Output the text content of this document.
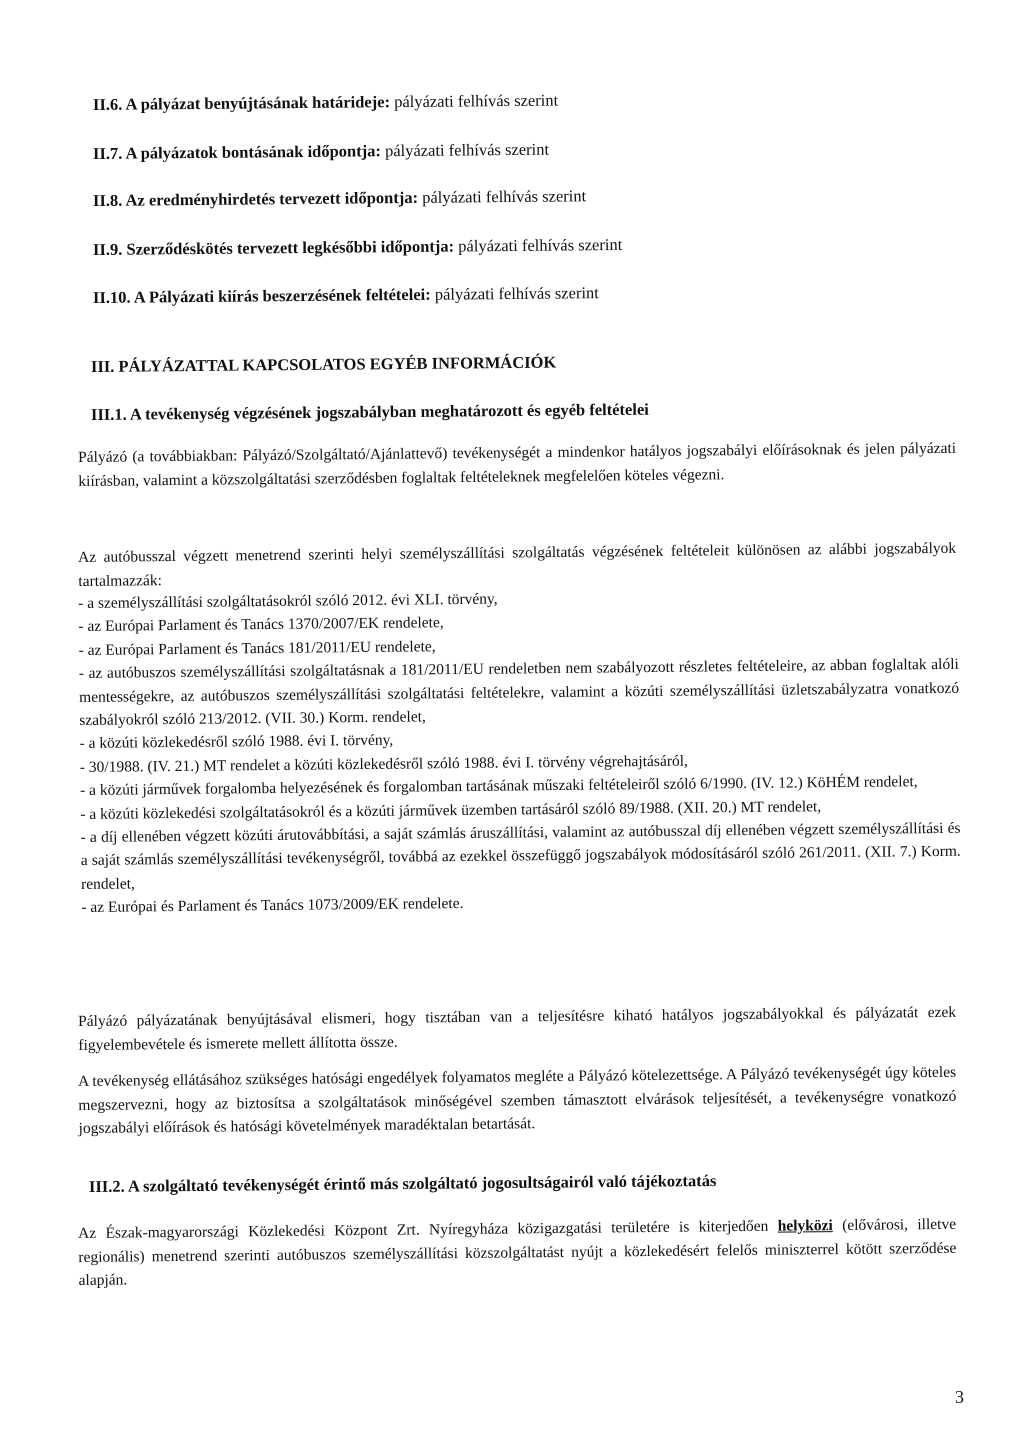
II.6. A pályázat benyújtásának határideje: pályázati felhívás szerint
II.7. A pályázatok bontásának időpontja: pályázati felhívás szerint
II.8. Az eredményhirdetés tervezett időpontja: pályázati felhívás szerint
II.9. Szerződéskötés tervezett legkésőbbi időpontja: pályázati felhívás szerint
II.10. A Pályázati kiírás beszerzésének feltételei: pályázati felhívás szerint
III. PÁLYÁZATTAL KAPCSOLATOS EGYÉB INFORMÁCIÓK
III.1. A tevékenység végzésének jogszabályban meghatározott és egyéb feltételei
Pályázó (a továbbiakban: Pályázó/Szolgáltató/Ajánlattevő) tevékenységét a mindenkor hatályos jogszabályi előírásoknak és jelen pályázati kiírásban, valamint a közszolgáltatási szerződésben foglaltak feltételeknek megfelelően köteles végezni.
Az autóbusszal végzett menetrend szerinti helyi személyszállítási szolgáltatás végzésének feltételeit különösen az alábbi jogszabályok tartalmazzák:
- a személyszállítási szolgáltatásokról szóló 2012. évi XLI. törvény,
- az Európai Parlament és Tanács 1370/2007/EK rendelete,
- az Európai Parlament és Tanács 181/2011/EU rendelete,
- az autóbuszos személyszállítási szolgáltatásnak a 181/2011/EU rendeletben nem szabályozott részletes feltételeire, az abban foglaltak alóli mentességekre, az autóbuszos személyszállítási szolgáltatási feltételekre, valamint a közúti személyszállítási üzletszabályzatra vonatkozó szabályokról szóló 213/2012. (VII. 30.) Korm. rendelet,
- a közúti közlekedésről szóló 1988. évi I. törvény,
- 30/1988. (IV. 21.) MT rendelet a közúti közlekedésről szóló 1988. évi I. törvény végrehajtásáról,
- a közúti járművek forgalomba helyezésének és forgalomban tartásának műszaki feltételeiről szóló 6/1990. (IV. 12.) KöHÉM rendelet,
- a közúti közlekedési szolgáltatásokról és a közúti járművek üzemben tartásáról szóló 89/1988. (XII. 20.) MT rendelet,
- a díj ellenében végzett közúti árutovábbítási, a saját számlás áruszállítási, valamint az autóbusszal díj ellenében végzett személyszállítási és a saját számlás személyszállítási tevékenységről, továbbá az ezekkel összefüggő jogszabályok módosításáról szóló 261/2011. (XII. 7.) Korm. rendelet,
- az Európai és Parlament és Tanács 1073/2009/EK rendelete.
Pályázó pályázatának benyújtásával elismeri, hogy tisztában van a teljesítésre kiható hatályos jogszabályokkal és pályázatát ezek figyelembevétele és ismerete mellett állította össze.
A tevékenység ellátásához szükséges hatósági engedélyek folyamatos megléte a Pályázó kötelezettsége. A Pályázó tevékenységét úgy köteles megszervezni, hogy az biztosítsa a szolgáltatások minőségével szemben támasztott elvárások teljesítését, a tevékenységre vonatkozó jogszabályi előírások és hatósági követelmények maradéktalan betartását.
III.2. A szolgáltató tevékenységét érintő más szolgáltató jogosultságairól való tájékoztatás
Az Észak-magyarországi Közlekedési Központ Zrt. Nyíregyháza közigazgatási területére is kiterjedően helyközi (elővárosi, illetve regionális) menetrend szerinti autóbuszos személyszállítási közszolgáltatást nyújt a közlekedésért felelős miniszterrel kötött szerződése alapján.
3
